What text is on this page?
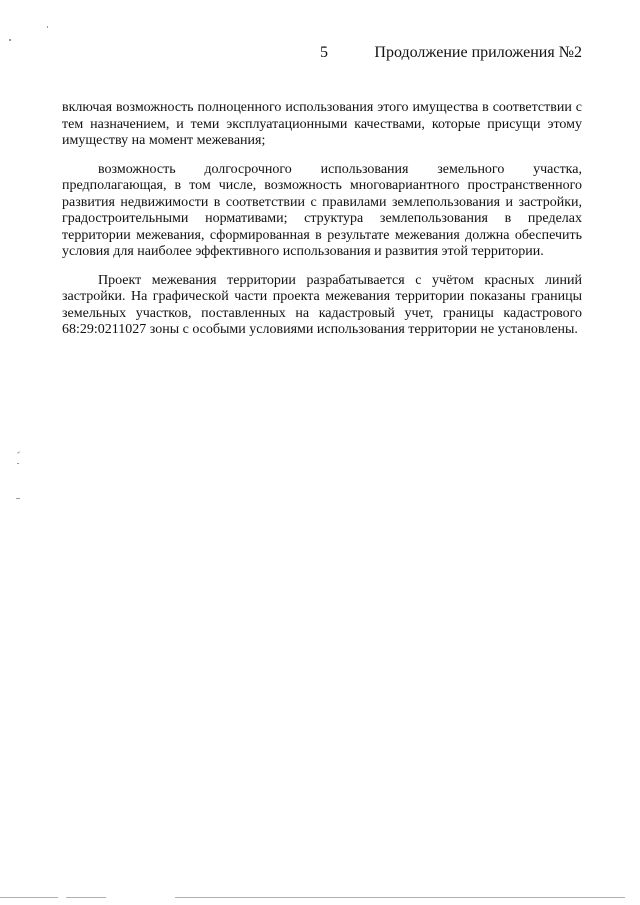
5	Продолжение приложения №2

включая возможность полноценного использования этого имущества в соответствии с тем назначением, и теми эксплуатационными качествами, которые присущи этому имуществу на момент межевания;

возможность долгосрочного использования земельного участка, предполагающая, в том числе, возможность многовариантного пространственного развития недвижимости в соответствии с правилами землепользования и застройки, градостроительными нормативами; структура землепользования в пределах территории межевания, сформированная в результате межевания должна обеспечить условия для наиболее эффективного использования и развития этой территории.

Проект межевания территории разрабатывается с учётом красных линий застройки. На графической части проекта межевания территории показаны границы земельных участков, поставленных на кадастровый учет, границы кадастрового 68:29:0211027 зоны с особыми условиями использования территории не установлены.
